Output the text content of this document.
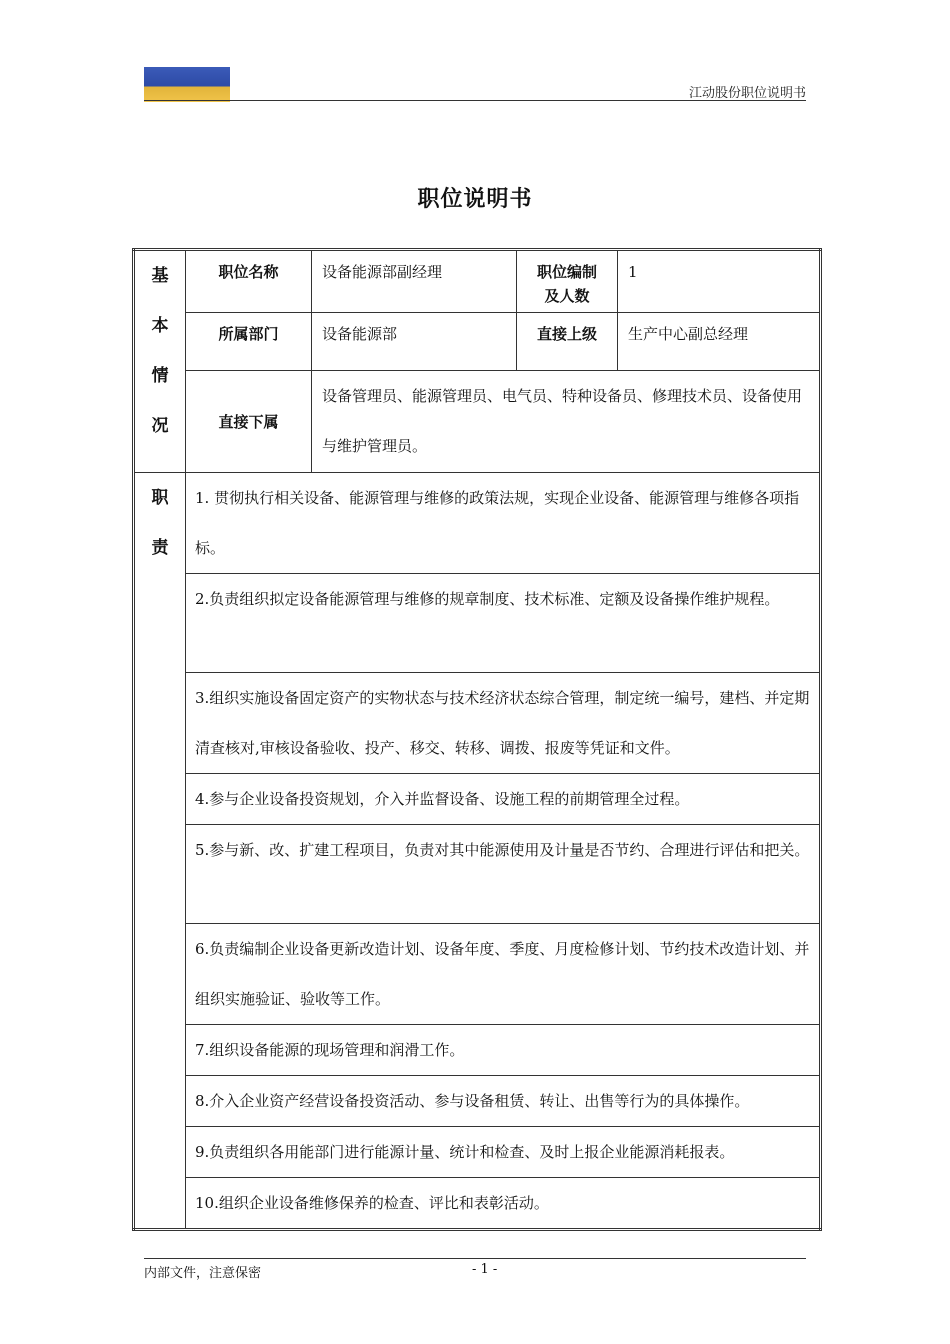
江动股份职位说明书
职位说明书
基
本
情
况	职位名称	设备能源部副经理	职位编制及人数	1
	所属部门	设备能源部	直接上级	生产中心副总经理
	直接下属	设备管理员、能源管理员、电气员、特种设备员、修理技术员、设备使用与维护管理员。		

职
责	1. 贯彻执行相关设备、能源管理与维修的政策法规，实现企业设备、能源管理与维修各项指标。			
	2.负责组织拟定设备能源管理与维修的规章制度、技术标准、定额及设备操作维护规程。			
	3.组织实施设备固定资产的实物状态与技术经济状态综合管理，制定统一编号，建档、并定期清查核对,审核设备验收、投产、移交、转移、调拨、报废等凭证和文件。			
	4.参与企业设备投资规划，介入并监督设备、设施工程的前期管理全过程。			
	5.参与新、改、扩建工程项目，负责对其中能源使用及计量是否节约、合理进行评估和把关。			
	6.负责编制企业设备更新改造计划、设备年度、季度、月度检修计划、节约技术改造计划、并组织实施验证、验收等工作。			
	7.组织设备能源的现场管理和润滑工作。			
	8.介入企业资产经营设备投资活动、参与设备租赁、转让、出售等行为的具体操作。			
	9.负责组织各用能部门进行能源计量、统计和检查、及时上报企业能源消耗报表。			
	10.组织企业设备维修保养的检查、评比和表彰活动。			
内部文件，注意保密	- 1 -
